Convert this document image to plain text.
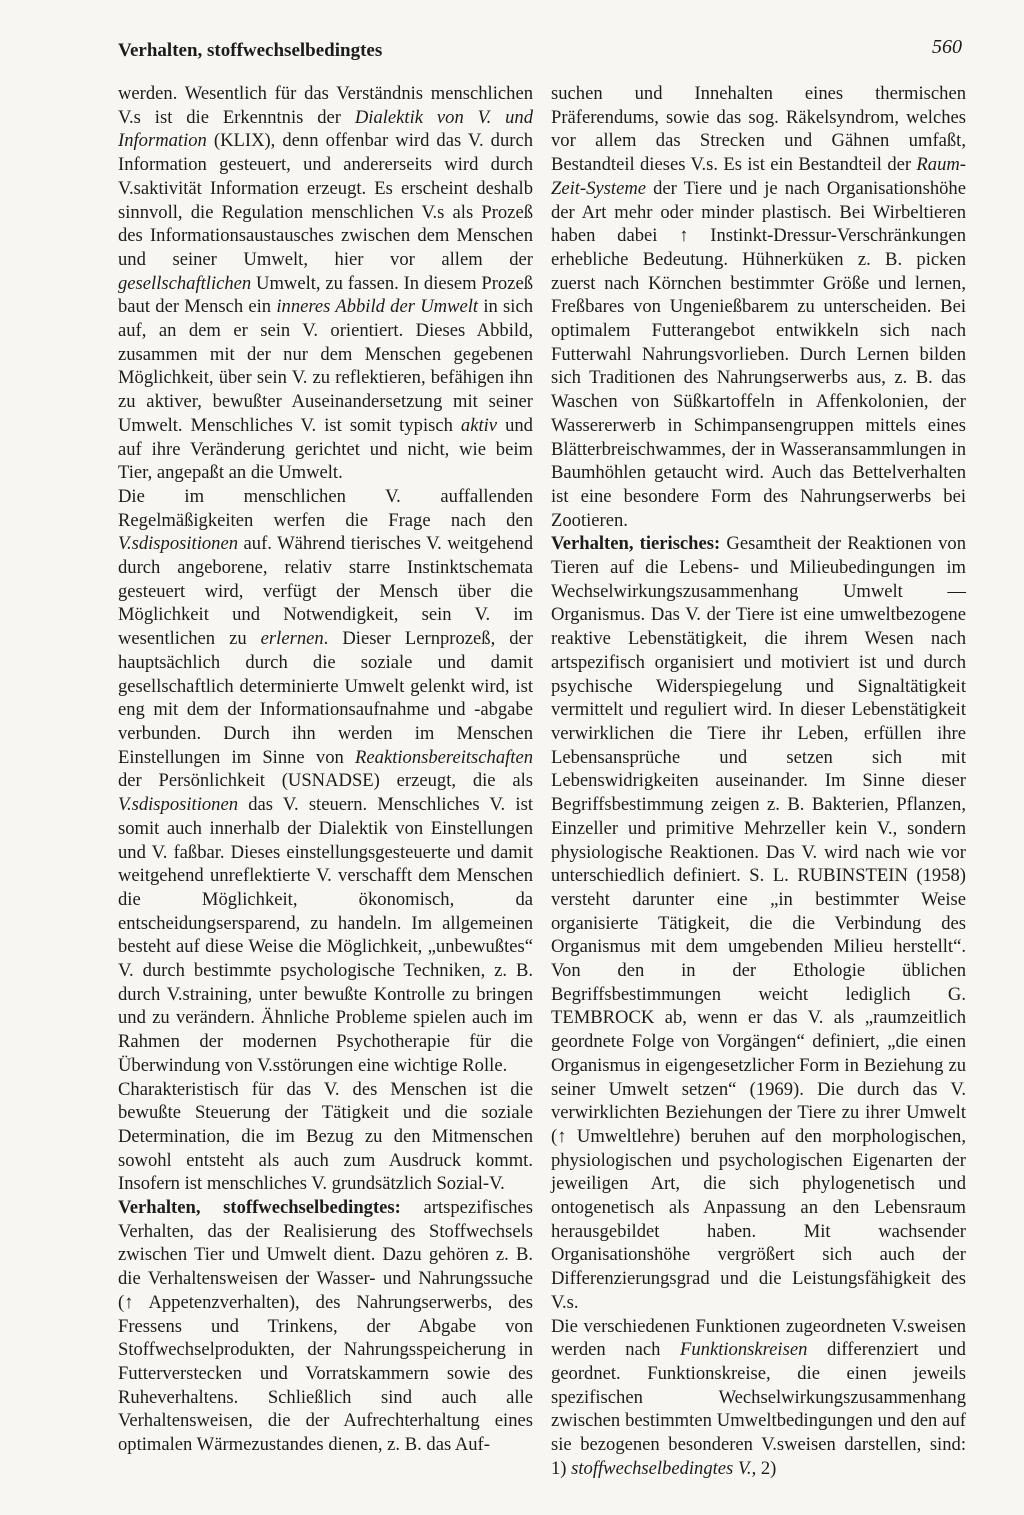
Verhalten, stoffwechselbedingtes	560

werden. Wesentlich für das Verständnis menschlichen V.s ist die Erkenntnis der Dialektik von V. und Information (KLIX), denn offenbar wird das V. durch Information gesteuert, und andererseits wird durch V.saktivität Information erzeugt. Es erscheint deshalb sinnvoll, die Regulation menschlichen V.s als Prozeß des Informationsaustausches zwischen dem Menschen und seiner Umwelt, hier vor allem der gesellschaftlichen Umwelt, zu fassen. In diesem Prozeß baut der Mensch ein inneres Abbild der Umwelt in sich auf, an dem er sein V. orientiert. Dieses Abbild, zusammen mit der nur dem Menschen gegebenen Möglichkeit, über sein V. zu reflektieren, befähigen ihn zu aktiver, bewußter Auseinandersetzung mit seiner Umwelt. Menschliches V. ist somit typisch aktiv und auf ihre Veränderung gerichtet und nicht, wie beim Tier, angepaßt an die Umwelt.

Die im menschlichen V. auffallenden Regelmäßigkeiten werfen die Frage nach den V.sdispositionen auf. Während tierisches V. weitgehend durch angeborene, relativ starre Instinktschemata gesteuert wird, verfügt der Mensch über die Möglichkeit und Notwendigkeit, sein V. im wesentlichen zu erlernen. Dieser Lernprozeß, der hauptsächlich durch die soziale und damit gesellschaftlich determinierte Umwelt gelenkt wird, ist eng mit dem der Informationsaufnahme und -abgabe verbunden. Durch ihn werden im Menschen Einstellungen im Sinne von Reaktionsbereitschaften der Persönlichkeit (USNADSE) erzeugt, die als V.sdispositionen das V. steuern. Menschliches V. ist somit auch innerhalb der Dialektik von Einstellungen und V. faßbar. Dieses einstellungsgesteuerte und damit weitgehend unreflektierte V. verschafft dem Menschen die Möglichkeit, ökonomisch, da entscheidungsersparend, zu handeln. Im allgemeinen besteht auf diese Weise die Möglichkeit, „unbewußtes“ V. durch bestimmte psychologische Techniken, z. B. durch V.straining, unter bewußte Kontrolle zu bringen und zu verändern. Ähnliche Probleme spielen auch im Rahmen der modernen Psychotherapie für die Überwindung von V.sstörungen eine wichtige Rolle.

Charakteristisch für das V. des Menschen ist die bewußte Steuerung der Tätigkeit und die soziale Determination, die im Bezug zu den Mitmenschen sowohl entsteht als auch zum Ausdruck kommt. Insofern ist menschliches V. grundsätzlich Sozial-V.

Verhalten, stoffwechselbedingtes: artspezifisches Verhalten, das der Realisierung des Stoffwechsels zwischen Tier und Umwelt dient. Dazu gehören z. B. die Verhaltensweisen der Wasser- und Nahrungssuche (↑ Appetenzverhalten), des Nahrungserwerbs, des Fressens und Trinkens, der Abgabe von Stoffwechselprodukten, der Nahrungsspeicherung in Futterverstecken und Vorratskammern sowie des Ruheverhaltens. Schließlich sind auch alle Verhaltensweisen, die der Aufrechterhaltung eines optimalen Wärmezustandes dienen, z. B. das Auf-

suchen und Innehalten eines thermischen Präferendums, sowie das sog. Räkelsyndrom, welches vor allem das Strecken und Gähnen umfaßt, Bestandteil dieses V.s. Es ist ein Bestandteil der Raum-Zeit-Systeme der Tiere und je nach Organisationshöhe der Art mehr oder minder plastisch. Bei Wirbeltieren haben dabei ↑ Instinkt-Dressur-Verschränkungen erhebliche Bedeutung. Hühnerküken z. B. picken zuerst nach Körnchen bestimmter Größe und lernen, Freßbares von Ungenießbarem zu unterscheiden. Bei optimalem Futterangebot entwikkeln sich nach Futterwahl Nahrungsvorlieben. Durch Lernen bilden sich Traditionen des Nahrungserwerbs aus, z. B. das Waschen von Süßkartoffeln in Affenkolonien, der Wassererwerb in Schimpansengruppen mittels eines Blätterbreischwammes, der in Wasseransammlungen in Baumhöhlen getaucht wird. Auch das Bettelverhalten ist eine besondere Form des Nahrungserwerbs bei Zootieren.

Verhalten, tierisches: Gesamtheit der Reaktionen von Tieren auf die Lebens- und Milieubedingungen im Wechselwirkungszusammenhang Umwelt — Organismus. Das V. der Tiere ist eine umweltbezogene reaktive Lebenstätigkeit, die ihrem Wesen nach artspezifisch organisiert und motiviert ist und durch psychische Widerspiegelung und Signaltätigkeit vermittelt und reguliert wird. In dieser Lebenstätigkeit verwirklichen die Tiere ihr Leben, erfüllen ihre Lebensansprüche und setzen sich mit Lebenswidrigkeiten auseinander. Im Sinne dieser Begriffsbestimmung zeigen z. B. Bakterien, Pflanzen, Einzeller und primitive Mehrzeller kein V., sondern physiologische Reaktionen. Das V. wird nach wie vor unterschiedlich definiert. S. L. RUBINSTEIN (1958) versteht darunter eine „in bestimmter Weise organisierte Tätigkeit, die die Verbindung des Organismus mit dem umgebenden Milieu herstellt“. Von den in der Ethologie üblichen Begriffsbestimmungen weicht lediglich G. TEMBROCK ab, wenn er das V. als „raumzeitlich geordnete Folge von Vorgängen“ definiert, „die einen Organismus in eigengesetzlicher Form in Beziehung zu seiner Umwelt setzen“ (1969). Die durch das V. verwirklichten Beziehungen der Tiere zu ihrer Umwelt (↑ Umweltlehre) beruhen auf den morphologischen, physiologischen und psychologischen Eigenarten der jeweiligen Art, die sich phylogenetisch und ontogenetisch als Anpassung an den Lebensraum herausgebildet haben. Mit wachsender Organisationshöhe vergrößert sich auch der Differenzierungsgrad und die Leistungsfähigkeit des V.s.

Die verschiedenen Funktionen zugeordneten V.sweisen werden nach Funktionskreisen differenziert und geordnet. Funktionskreise, die einen jeweils spezifischen Wechselwirkungszusammenhang zwischen bestimmten Umweltbedingungen und den auf sie bezogenen besonderen V.sweisen darstellen, sind: 1) stoffwechselbedingtes V., 2)
